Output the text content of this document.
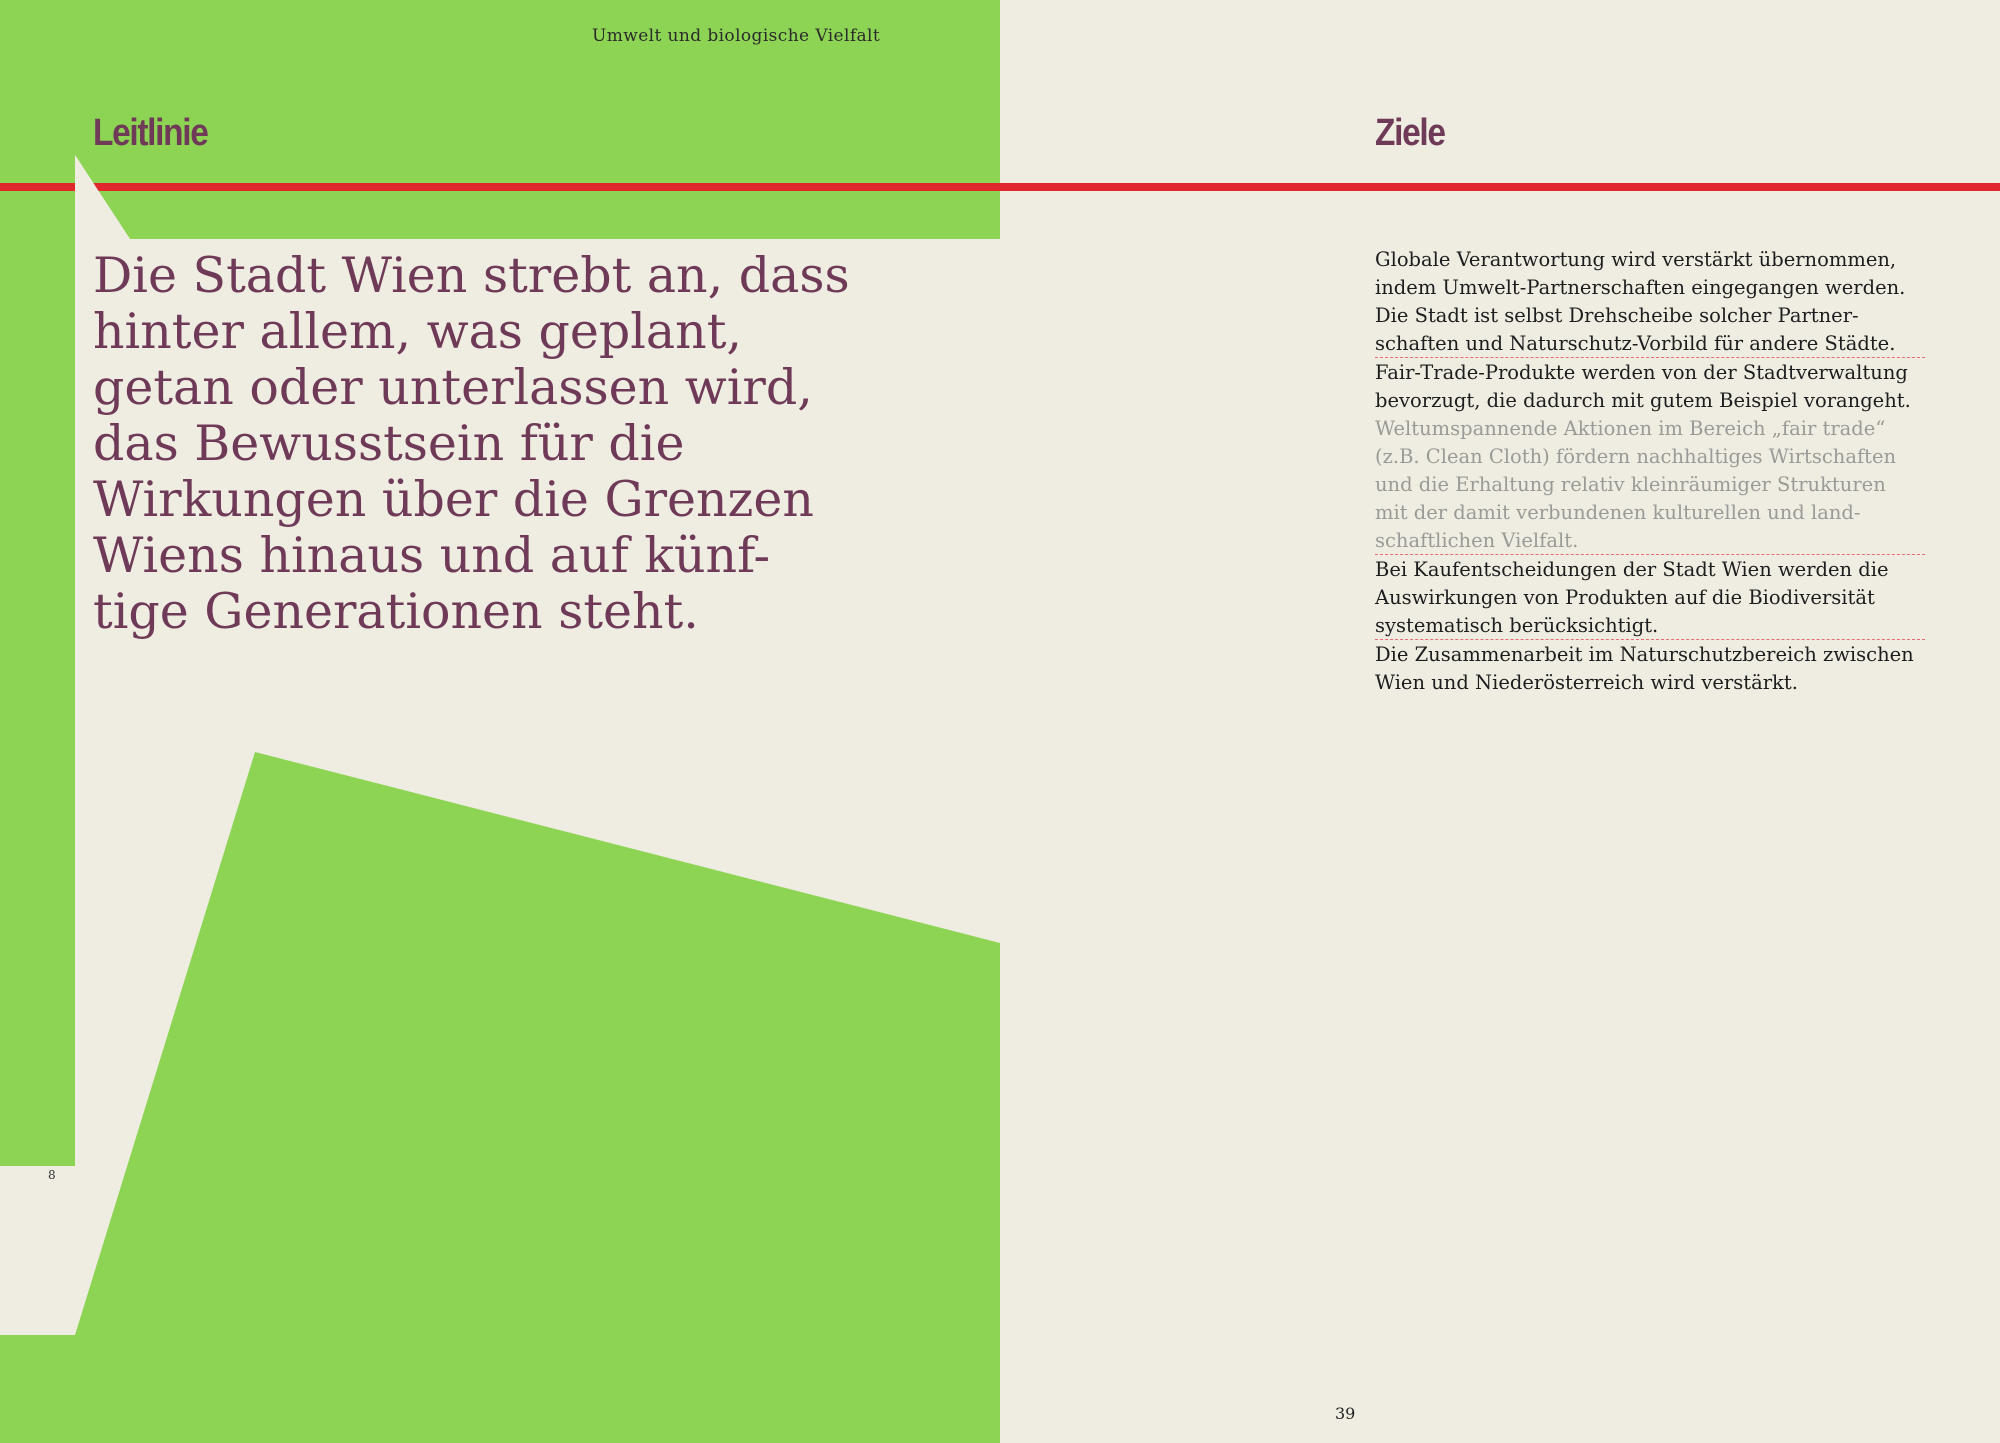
Leitlinie
Die Stadt Wien strebt an, dass
hinter allem, was geplant,
getan oder unterlassen wird,
das Bewusstsein für die
Wirkungen über die Grenzen
Wiens hinaus und auf künf-
tige Generationen steht.
8
Ziele
Globale Verantwortung wird verstärkt übernommen,
indem Umwelt-Partnerschaften eingegangen werden.
Die Stadt ist selbst Drehscheibe solcher Partner-
schaften und Naturschutz-Vorbild für andere Städte.
Fair-Trade-Produkte werden von der Stadtverwaltung
bevorzugt, die dadurch mit gutem Beispiel vorangeht.
Weltumspannende Aktionen im Bereich „fair trade“
(z.B. Clean Cloth) fördern nachhaltiges Wirtschaften
und die Erhaltung relativ kleinräumiger Strukturen
mit der damit verbundenen kulturellen und land-
schaftlichen Vielfalt.
Bei Kaufentscheidungen der Stadt Wien werden die
Auswirkungen von Produkten auf die Biodiversität
systematisch berücksichtigt.
Die Zusammenarbeit im Naturschutzbereich zwischen
Wien und Niederösterreich wird verstärkt.
39
Umwelt und biologische Vielfalt
